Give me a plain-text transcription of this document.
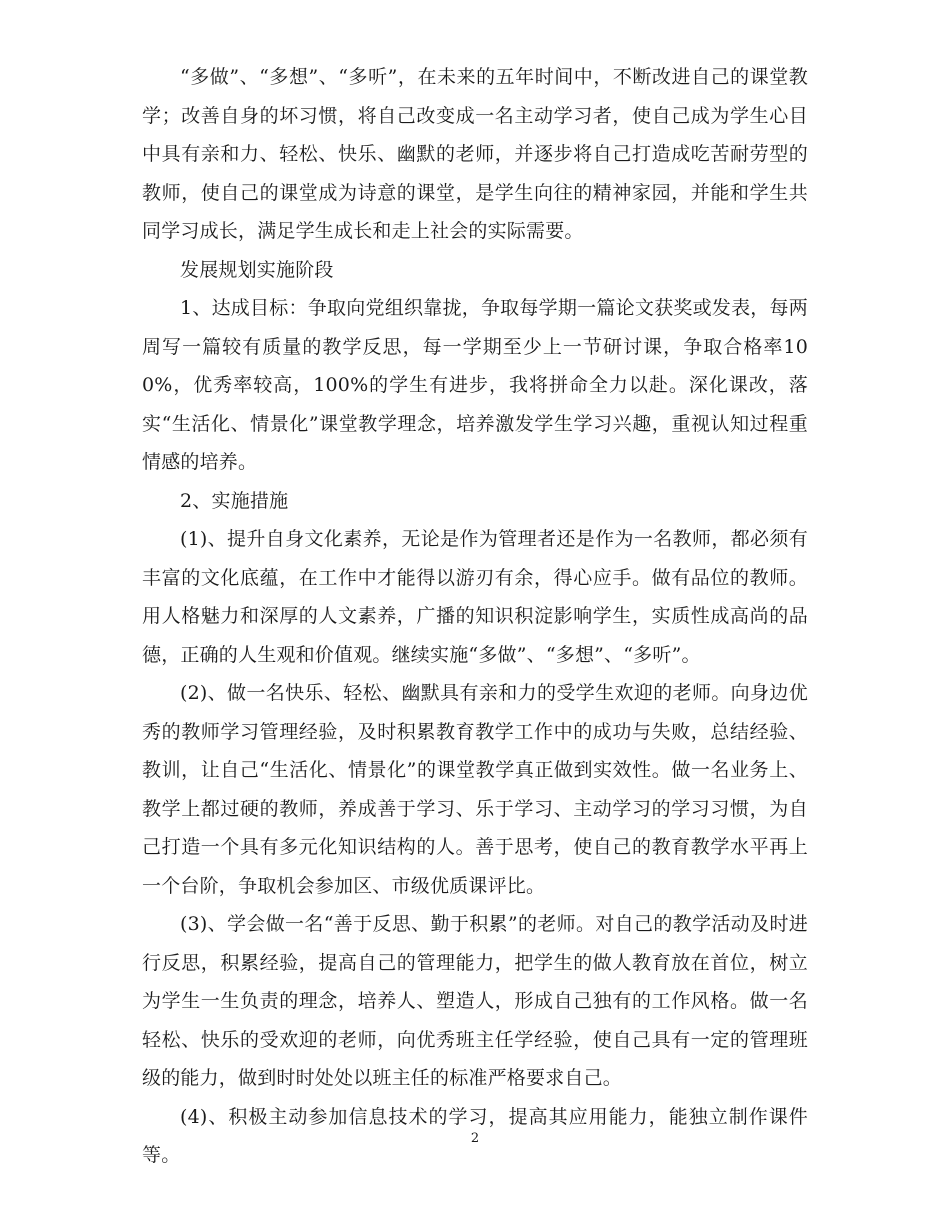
“多做”、“多想”、“多听”，在未来的五年时间中，不断改进自己的课堂教学；改善自身的坏习惯，将自己改变成一名主动学习者，使自己成为学生心目中具有亲和力、轻松、快乐、幽默的老师，并逐步将自己打造成吃苦耐劳型的教师，使自己的课堂成为诗意的课堂，是学生向往的精神家园，并能和学生共同学习成长，满足学生成长和走上社会的实际需要。

发展规划实施阶段

1、达成目标：争取向党组织靠拢，争取每学期一篇论文获奖或发表，每两周写一篇较有质量的教学反思，每一学期至少上一节研讨课，争取合格率100%，优秀率较高，100%的学生有进步，我将拼命全力以赴。深化课改，落实“生活化、情景化”课堂教学理念，培养激发学生学习兴趣，重视认知过程重情感的培养。

2、实施措施

(1)、提升自身文化素养，无论是作为管理者还是作为一名教师，都必须有丰富的文化底蕴，在工作中才能得以游刃有余，得心应手。做有品位的教师。用人格魅力和深厚的人文素养，广播的知识积淀影响学生，实质性成高尚的品德，正确的人生观和价值观。继续实施“多做”、“多想”、“多听”。

(2)、做一名快乐、轻松、幽默具有亲和力的受学生欢迎的老师。向身边优秀的教师学习管理经验，及时积累教育教学工作中的成功与失败，总结经验、教训，让自己“生活化、情景化”的课堂教学真正做到实效性。做一名业务上、教学上都过硬的教师，养成善于学习、乐于学习、主动学习的学习习惯，为自己打造一个具有多元化知识结构的人。善于思考，使自己的教育教学水平再上一个台阶，争取机会参加区、市级优质课评比。

(3)、学会做一名“善于反思、勤于积累”的老师。对自己的教学活动及时进行反思，积累经验，提高自己的管理能力，把学生的做人教育放在首位，树立为学生一生负责的理念，培养人、塑造人，形成自己独有的工作风格。做一名轻松、快乐的受欢迎的老师，向优秀班主任学经验，使自己具有一定的管理班级的能力，做到时时处处以班主任的标准严格要求自己。

(4)、积极主动参加信息技术的学习，提高其应用能力，能独立制作课件等。

2
